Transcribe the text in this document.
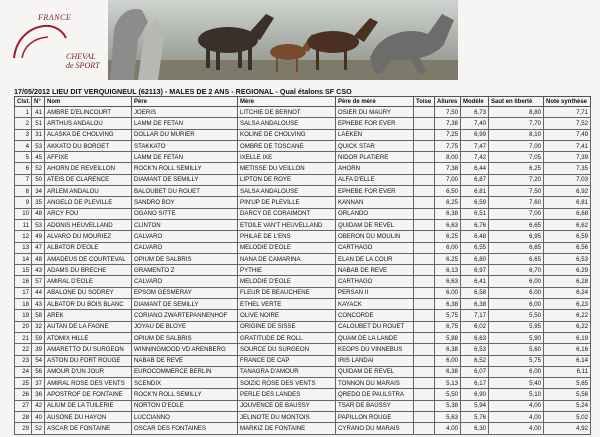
FRANCE
CHEVAL
de SPORT
17/05/2012 LIEU DIT VERQUIGNEUL (62113) - MALES DE 2 ANS - REGIONAL - Qual étalons SF CSO
Clst.	N°	Nom	Père	Mère	Père de mère	Toise	Allures	Modèle	Saut en liberté	Note synthèse
1	41	AMBRE D'ELINCOURT	JOERIS	LITCHIE DE BERNOT	OSIER DU MAURY		7,50	6,73	8,80	7,71
2	51	ARTHUS ANDALOU	LAMM DE FETAN	SALSA ANDALOUSE	EPHEBE FOR EVER		7,38	7,40	7,70	7,52
3	31	ALASKA DE CHOLVING	DOLLAR DU MURIER	KOLINE DE CHOLVING	LAEKEN		7,25	6,99	8,10	7,49
4	53	AKKATO DU BORGET	STAKKATO	OMBRE DE TOSCANE	QUICK STAR		7,75	7,47	7,00	7,41
5	45	AFFIXE	LAMM DE FETAN	IXELLE IXE	NIDOR PLATIERE		8,00	7,42	7,05	7,39
6	52	AHORN DE REVEILLON	ROCK'N ROLL SEMILLY	METISSE DU VEILLON	AHORN		7,38	6,44	6,25	7,35
7	50	ATEIS DE CLARENCE	DIAMANT DE SEMILLY	LIPTON DE ROYE	ALFA D'ELLE		7,00	6,87	7,20	7,03
8	34	ARLEM ANDALOU	BALOUBET DU ROUET	SALSA ANDALOUSE	EPHEBE FOR EVER		6,50	6,81	7,50	6,92
9	35	ANGELO DE PLEVILLE	SANDRO BOY	PIN'UP DE PLEVILLE	KANNAN		6,25	6,59	7,60	6,81
10	48	ARCY FOU	OGANO SITTE	DARCY DE CORAIMONT	ORLANDO		6,38	6,51	7,00	6,68
11	53	ADONIS HEUVELLAND	CLINTON	ETOILE VAN'T HEUVELLAND	QUIDAM DE REVEL		6,63	6,76	6,65	6,62
12	49	ALVARO DU MOURIEZ	CALVARO	PHILAE DE L'ENS	OBERON DU MOULIN		6,25	6,48	6,95	6,59
13	47	ALBATOR D'EOLE	CALVARO	MELODIE D'EOLE	CARTHAGO		6,00	6,55	6,85	6,56
14	48	AMADEUS DE COURTEVAL	OPIUM DE SALBRIS	NANA DE CAMARINA	ELAN DE LA COUR		6,25	6,80	6,65	6,53
15	43	ADAMS DU BRECHE	GRAMENTO Z	PYTHIE	NABAB DE REVE		6,13	6,97	6,70	6,29
16	57	AMIRAL D'EOLE	CALVARO	MELODIE D'EOLE	CARTHAGO		6,63	6,41	6,00	6,28
17	44	ABALONE DU SODREY	EPSOM GESMERAY	FLEUR DE BEAUCHENE	PERSAN II		6,00	6,58	6,00	6,24
18	43	ALBATOR DU BOIS BLANC	DIAMANT DE SEMILLY	ETHEL VERTE	KAYACK		6,38	6,38	6,00	6,23
19	58	AREK	CORIANO ZWARTEPANNENHOF	OLIVE NOIRE	CONCORDE		5,75	7,17	5,50	6,22
20	32	AUTAN DE LA FAGNE	JOYAU DE BLOYE	ORIGINE DE SISSE	CALOUBET DU ROUET		6,75	6,02	5,95	6,22
21	59	ATOMIX HILLE	OPIUM DE SALBRIS	GRATITUDE DE ROLL	QUAM DE LA LANDE		5,88	6,63	5,90	6,19
22	39	AMARETTO DU SURGEON	WINNINGMOOD VD ARENBERG	SOURCE DU SURGEON	KEOPS DU VINNEBUS		6,38	6,53	5,60	6,16
23	54	ASTON DU FORT ROUGE	NABAB DE REVE	FRANCE DE CAP	IRIS LANDAI		6,00	6,52	5,75	6,14
24	56	AMOUR D'UN JOUR	EUROCOMMERCE BERLIN	TANAGRA D'AMOUR	QUIDAM DE REVEL		6,38	6,07	6,00	6,11
25	37	AMIRAL ROSE DES VENTS	SCENDIX	SOIZIC ROSE DES VENTS	TONNON DU MARAIS		5,13	6,17	5,40	5,65
26	36	APOSTROF DE FONTAINE	ROCK'N ROLL SEMILLY	PERLE DES LANDES	QREDO DE PAULSTRA		5,50	6,90	5,10	5,56
27	42	ALIUM DE LA TUILERIE	NORTON D'EOLE	JOUVENCE DE BAUSSY	TSAR DE BAUSSY		5,38	5,94	4,00	5,24
28	40	AUSONE DU HAYON	LUCCIANNO	JELINOTE DU MONTOIS	PAPILLON ROUGE		5,63	5,76	4,00	5,02
29	52	ASCAR DE FONTAINE	OSCAR DES FONTAINES	MARKIZ DE FONTAINE	CYRANO DU MARAIS		4,00	6,30	4,00	4,92
